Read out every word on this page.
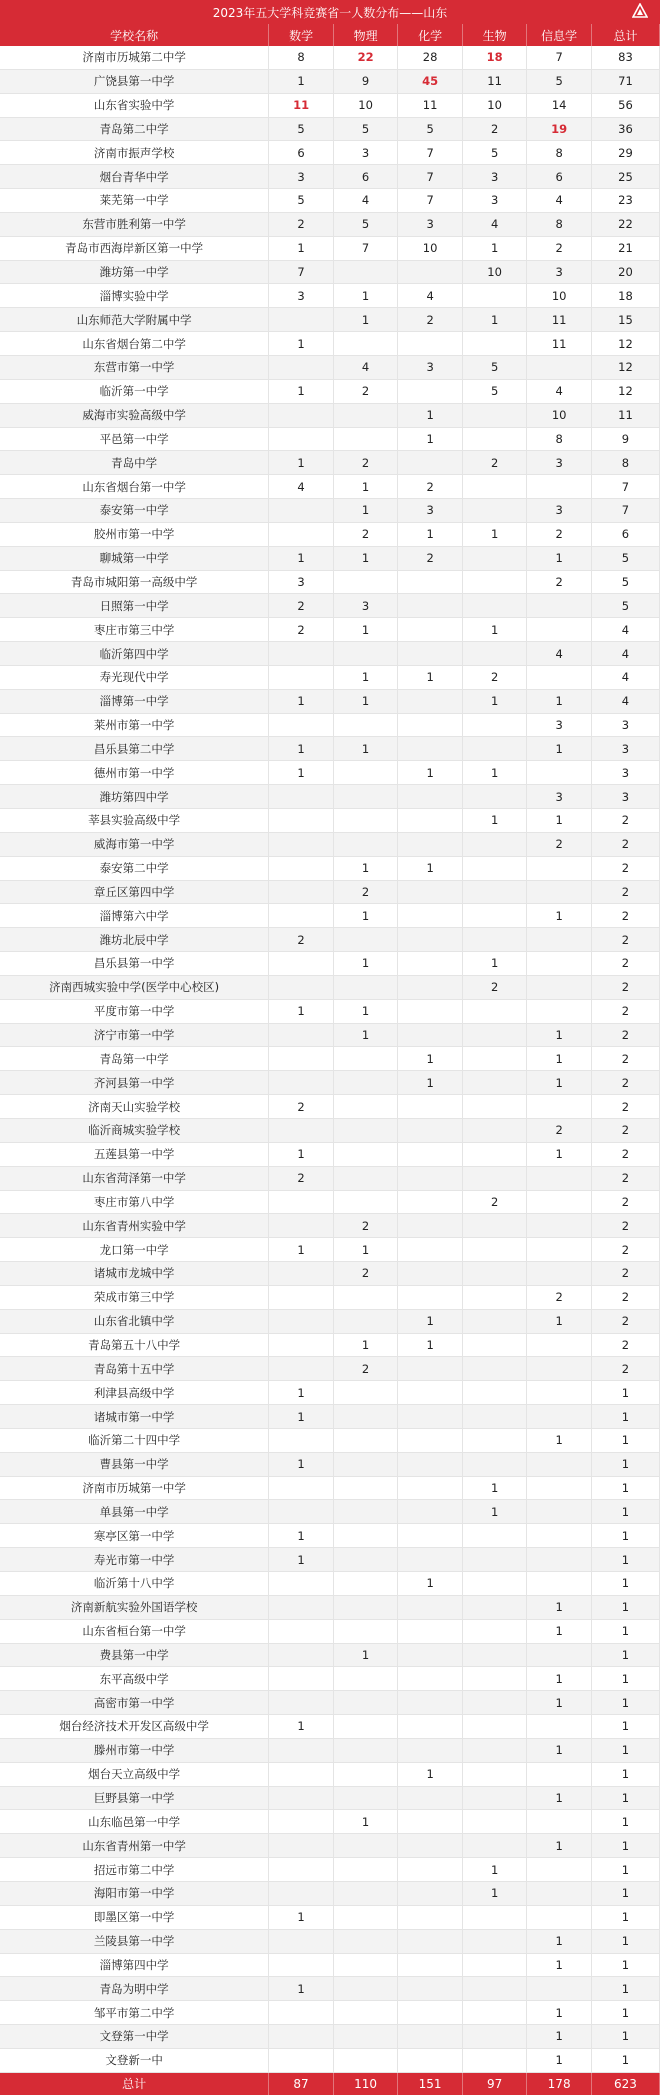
2023年五大学科竞赛省一人数分布——山东
学校名称	数学	物理	化学	生物	信息学	总计
济南市历城第二中学	8	22	28	18	7	83
广饶县第一中学	1	9	45	11	5	71
山东省实验中学	11	10	11	10	14	56
青岛第二中学	5	5	5	2	19	36
济南市振声学校	6	3	7	5	8	29
烟台青华中学	3	6	7	3	6	25
莱芜第一中学	5	4	7	3	4	23
东营市胜利第一中学	2	5	3	4	8	22
青岛市西海岸新区第一中学	1	7	10	1	2	21
潍坊第一中学	7			10	3	20
淄博实验中学	3	1	4		10	18
山东师范大学附属中学		1	2	1	11	15
山东省烟台第二中学	1				11	12
东营市第一中学		4	3	5		12
临沂第一中学	1	2		5	4	12
威海市实验高级中学			1		10	11
平邑第一中学			1		8	9
青岛中学	1	2		2	3	8
山东省烟台第一中学	4	1	2			7
泰安第一中学		1	3		3	7
胶州市第一中学		2	1	1	2	6
聊城第一中学	1	1	2		1	5
青岛市城阳第一高级中学	3				2	5
日照第一中学	2	3				5
枣庄市第三中学	2	1		1		4
临沂第四中学					4	4
寿光现代中学		1	1	2		4
淄博第一中学	1	1		1	1	4
莱州市第一中学					3	3
昌乐县第二中学	1	1			1	3
德州市第一中学	1		1	1		3
潍坊第四中学					3	3
莘县实验高级中学				1	1	2
威海市第一中学					2	2
泰安第二中学		1	1			2
章丘区第四中学		2				2
淄博第六中学		1			1	2
潍坊北辰中学	2					2
昌乐县第一中学		1		1		2
济南西城实验中学(医学中心校区)				2		2
平度市第一中学	1	1				2
济宁市第一中学		1			1	2
青岛第一中学			1		1	2
齐河县第一中学			1		1	2
济南天山实验学校	2					2
临沂商城实验学校					2	2
五莲县第一中学	1				1	2
山东省菏泽第一中学	2					2
枣庄市第八中学				2		2
山东省青州实验中学		2				2
龙口第一中学	1	1				2
诸城市龙城中学		2				2
荣成市第三中学					2	2
山东省北镇中学			1		1	2
青岛第五十八中学		1	1			2
青岛第十五中学		2				2
利津县高级中学	1					1
诸城市第一中学	1					1
临沂第二十四中学					1	1
曹县第一中学	1					1
济南市历城第一中学				1		1
单县第一中学				1		1
寒亭区第一中学	1					1
寿光市第一中学	1					1
临沂第十八中学			1			1
济南新航实验外国语学校					1	1
山东省桓台第一中学					1	1
费县第一中学		1				1
东平高级中学					1	1
高密市第一中学					1	1
烟台经济技术开发区高级中学	1					1
滕州市第一中学					1	1
烟台天立高级中学			1			1
巨野县第一中学					1	1
山东临邑第一中学		1				1
山东省青州第一中学					1	1
招远市第二中学				1		1
海阳市第一中学				1		1
即墨区第一中学	1					1
兰陵县第一中学					1	1
淄博第四中学					1	1
青岛为明中学	1					1
邹平市第二中学					1	1
文登第一中学					1	1
文登新一中					1	1
总计	87	110	151	97	178	623
